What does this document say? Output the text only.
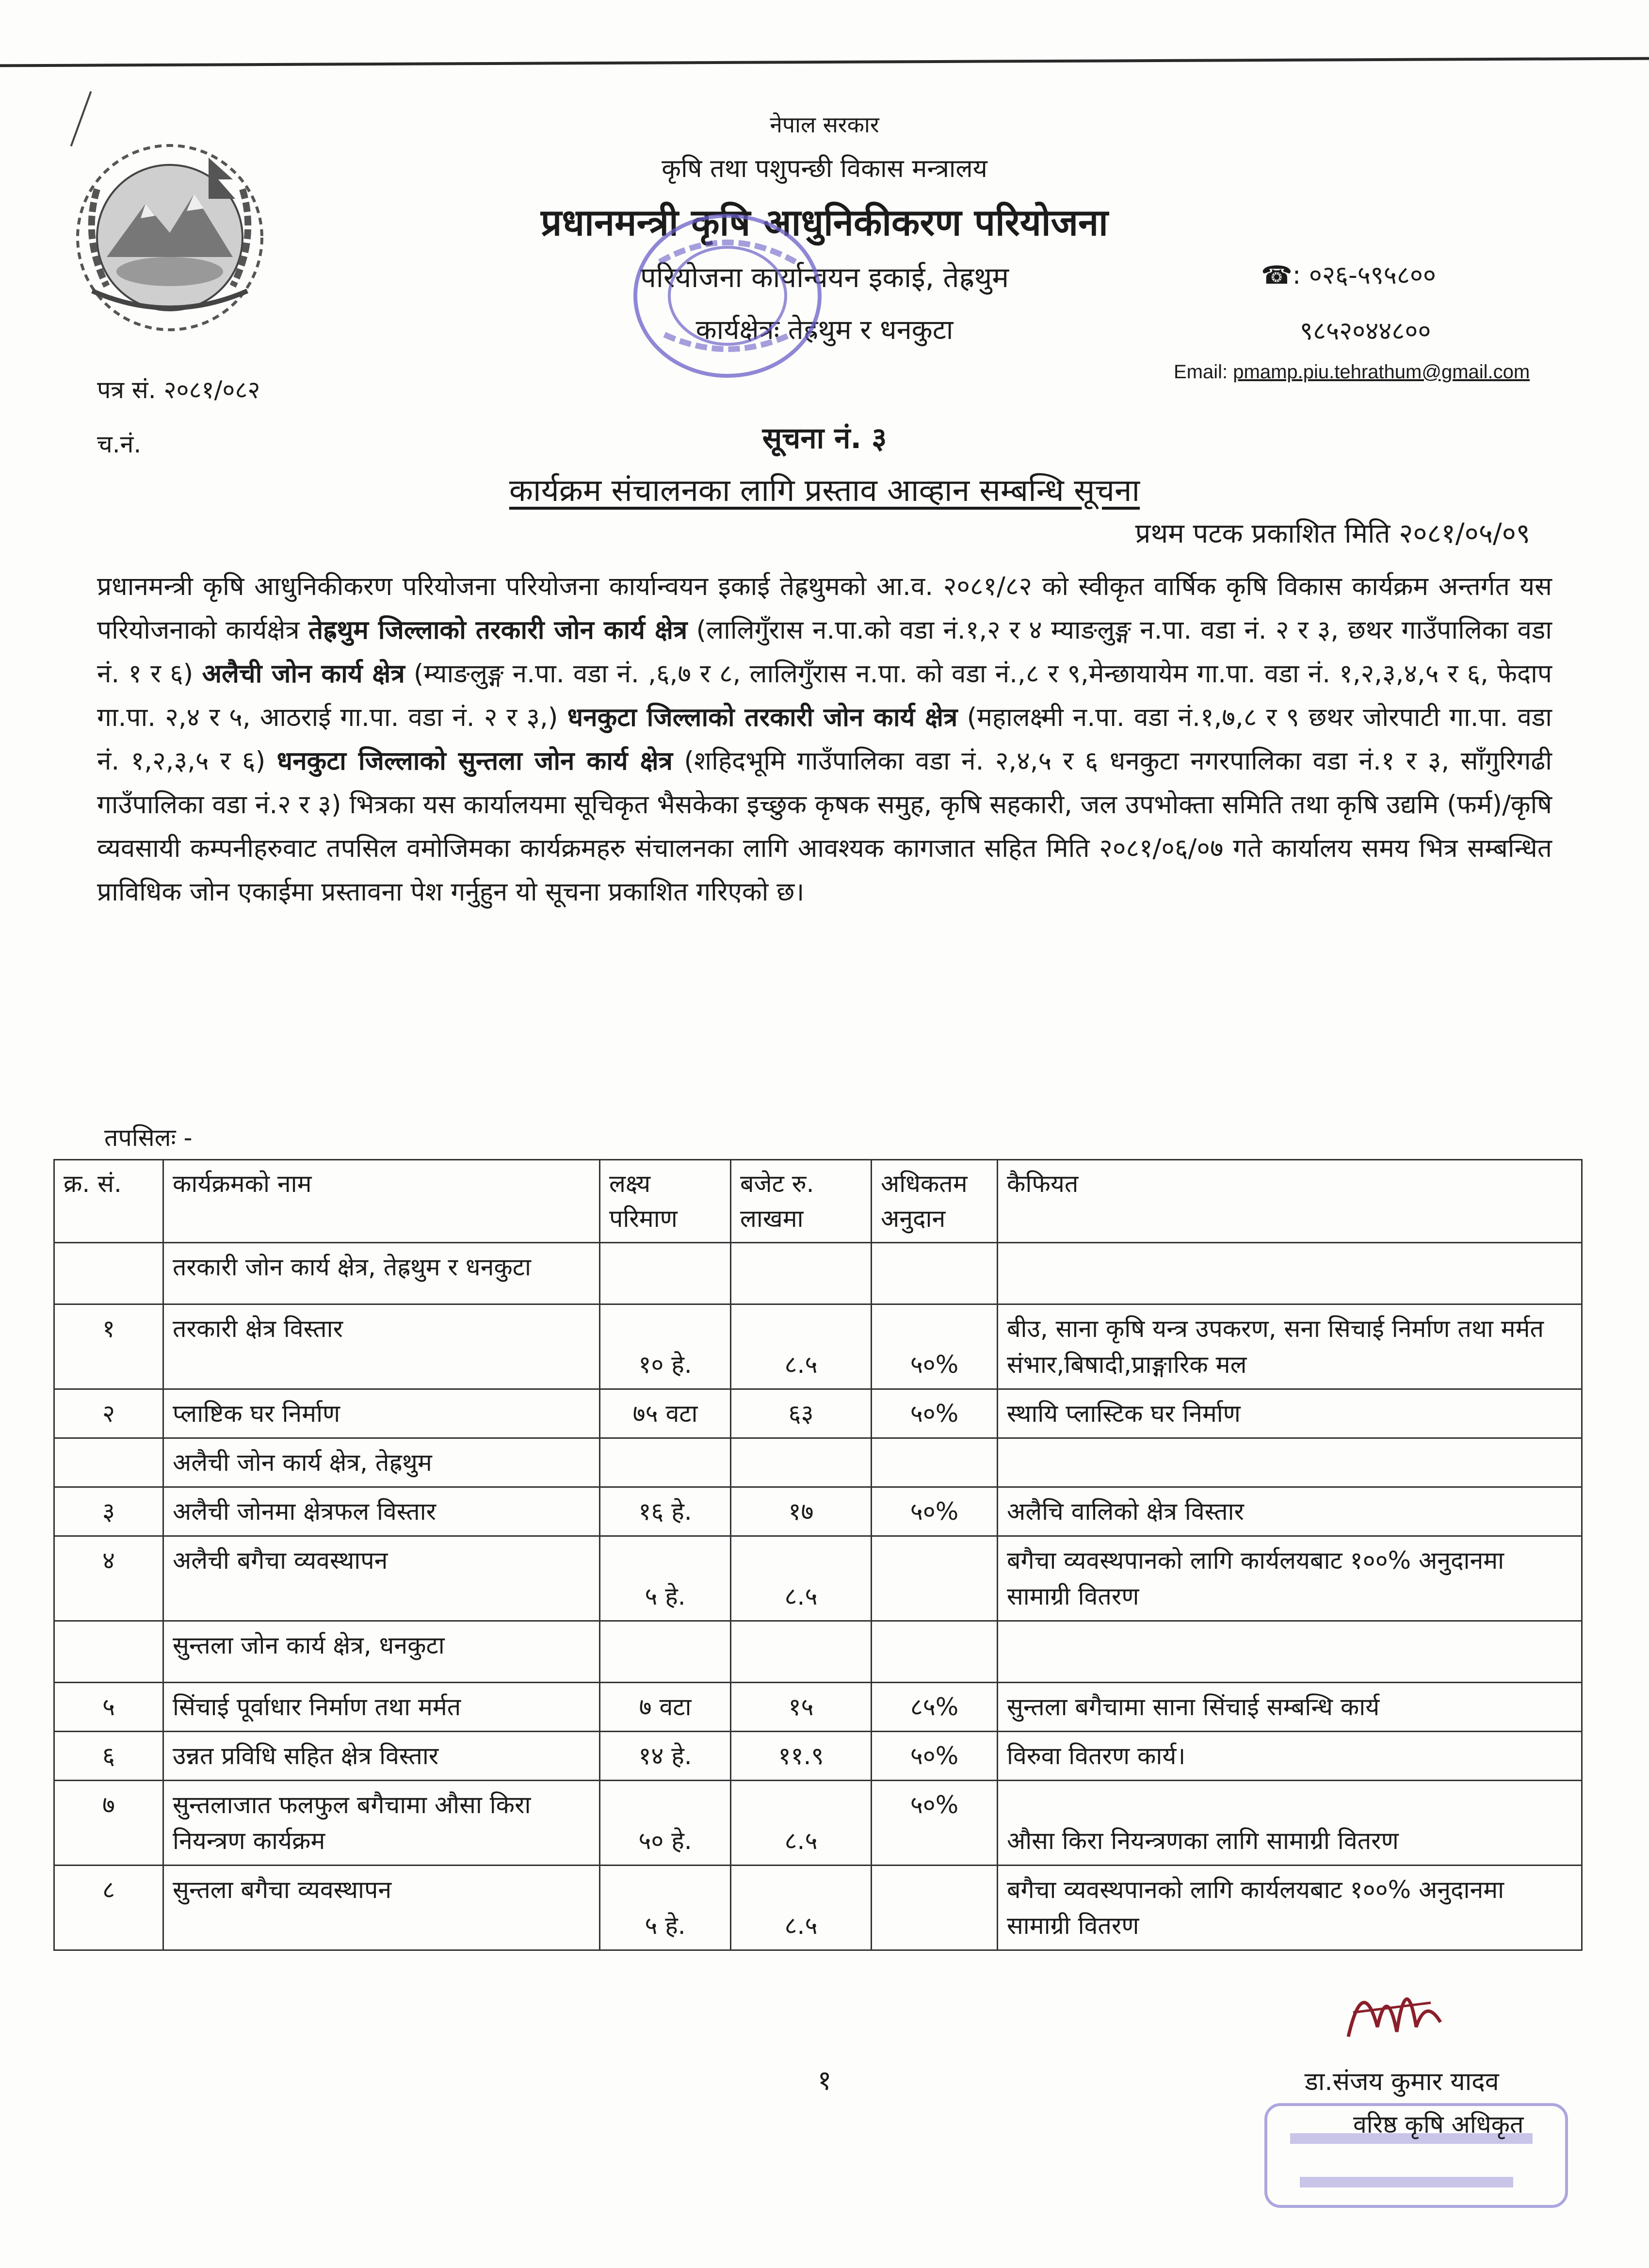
नेपाल सरकार
कृषि तथा पशुपन्छी विकास मन्त्रालय
प्रधानमन्त्री कृषि आधुनिकीकरण परियोजना
परियोजना कार्यान्वयन इकाई, तेह्रथुम
कार्यक्षेत्रः तेह्रथुम र धनकुटा
☎: ०२६-५९५८००
९८५२०४४८००
Email: pmamp.piu.tehrathum@gmail.com
पत्र सं. २०८१/०८२
च.नं.	सूचना नं. ३
कार्यक्रम संचालनका लागि प्रस्ताव आव्हान सम्बन्धि सूचना
प्रथम पटक प्रकाशित मिति २०८१/०५/०९
प्रधानमन्त्री कृषि आधुनिकीकरण परियोजना परियोजना कार्यान्वयन इकाई तेह्रथुमको आ.व. २०८१/८२ को स्वीकृत वार्षिक कृषि विकास कार्यक्रम अन्तर्गत यस परियोजनाको कार्यक्षेत्र तेह्रथुम जिल्लाको तरकारी जोन कार्य क्षेत्र (लालिगुँरास न.पा.को वडा नं.१,२ र ४ म्याङलुङ्ग न.पा. वडा नं. २ र ३, छथर गाउँपालिका वडा नं. १ र ६) अलैची जोन कार्य क्षेत्र (म्याङलुङ्ग न.पा. वडा नं. ,६,७ र ८, लालिगुँरास न.पा. को वडा नं.,८ र ९,मेन्छायायेम गा.पा. वडा नं. १,२,३,४,५ र ६, फेदाप गा.पा. २,४ र ५, आठराई गा.पा. वडा नं. २ र ३,) धनकुटा जिल्लाको तरकारी जोन कार्य क्षेत्र (महालक्ष्मी न.पा. वडा नं.१,७,८ र ९ छथर जोरपाटी गा.पा. वडा नं. १,२,३,५ र ६) धनकुटा जिल्लाको सुन्तला जोन कार्य क्षेत्र (शहिदभूमि गाउँपालिका वडा नं. २,४,५ र ६ धनकुटा नगरपालिका वडा नं.१ र ३, साँगुरिगढी गाउँपालिका वडा नं.२ र ३) भित्रका यस कार्यालयमा सूचिकृत भैसकेका इच्छुक कृषक समुह, कृषि सहकारी, जल उपभोक्ता समिति तथा कृषि उद्यमि (फर्म)/कृषि व्यवसायी कम्पनीहरुवाट तपसिल वमोजिमका कार्यक्रमहरु संचालनका लागि आवश्यक कागजात सहित मिति २०८१/०६/०७ गते कार्यालय समय भित्र सम्बन्धित प्राविधिक जोन एकाईमा प्रस्तावना पेश गर्नुहुन यो सूचना प्रकाशित गरिएको छ।
तपसिलः -
क्र. सं.	कार्यक्रमको नाम	लक्ष्य परिमाण	बजेट रु. लाखमा	अधिकतम अनुदान	कैफियत
	तरकारी जोन कार्य क्षेत्र, तेह्रथुम र धनकुटा				
१	तरकारी क्षेत्र विस्तार	१० हे.	८.५	५०%	बीउ, साना कृषि यन्त्र उपकरण, सना सिचाई निर्माण तथा मर्मत संभार,बिषादी,प्राङ्गारिक मल
२	प्लाष्टिक घर निर्माण	७५ वटा	६३	५०%	स्थायि प्लास्टिक घर निर्माण
	अलैची जोन कार्य क्षेत्र, तेह्रथुम				
३	अलैची जोनमा क्षेत्रफल विस्तार	१६ हे.	१७	५०%	अलैचि वालिको क्षेत्र विस्तार
४	अलैची बगैचा व्यवस्थापन	५ हे.	८.५		बगैचा व्यवस्थपानको लागि कार्यलयबाट १००% अनुदानमा सामाग्री वितरण
	सुन्तला जोन कार्य क्षेत्र, धनकुटा				
५	सिंचाई पूर्वाधार निर्माण तथा मर्मत	७ वटा	१५	८५%	सुन्तला बगैचामा साना सिंचाई सम्बन्धि कार्य
६	उन्नत प्रविधि सहित क्षेत्र विस्तार	१४ हे.	११.९	५०%	विरुवा वितरण कार्य।
७	सुन्तलाजात फलफुल बगैचामा औसा किरा नियन्त्रण कार्यक्रम	५० हे.	८.५	५०%	औसा किरा नियन्त्रणका लागि सामाग्री वितरण
८	सुन्तला बगैचा व्यवस्थापन	५ हे.	८.५		बगैचा व्यवस्थपानको लागि कार्यलयबाट १००% अनुदानमा सामाग्री वितरण
१	डा.संजय कुमार यादव
वरिष्ठ कृषि अधिकृत
